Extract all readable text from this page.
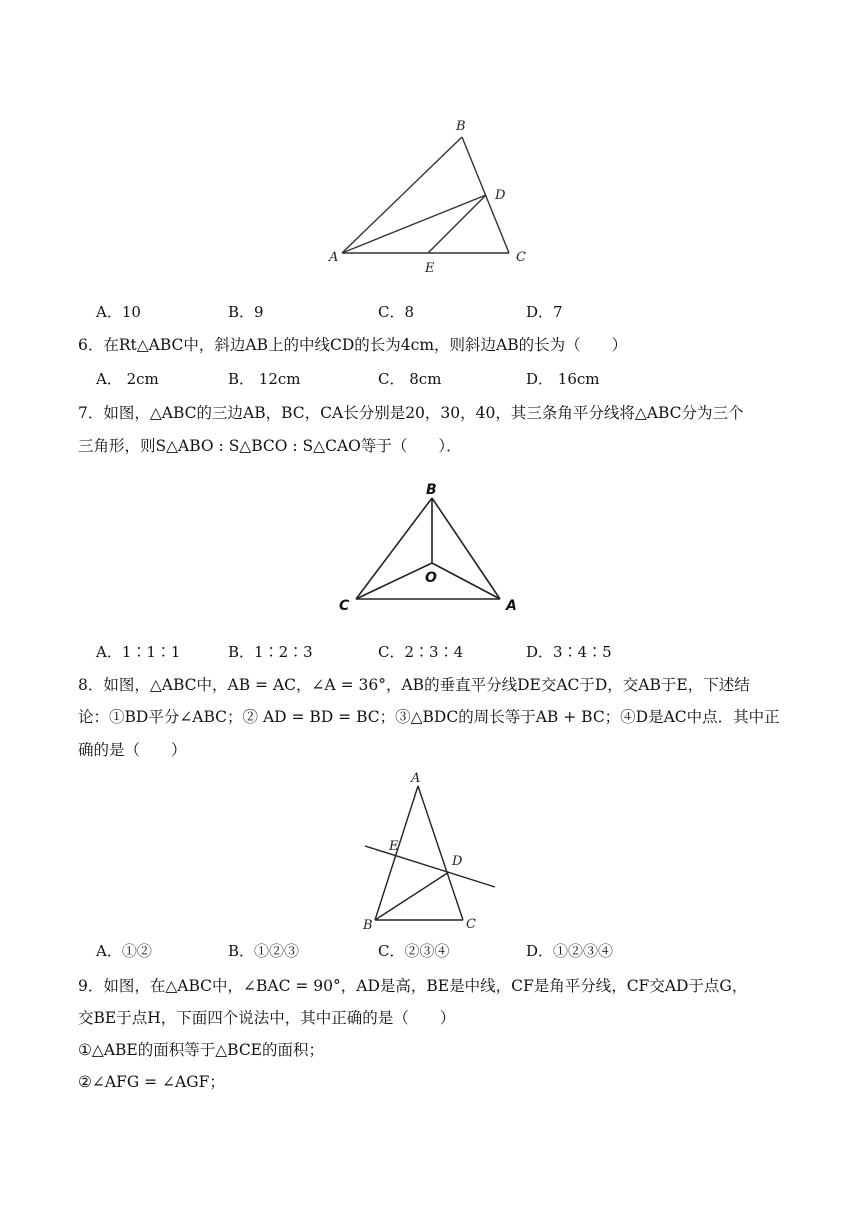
B
D
A
E
C
A．10	B．9	C．8	D．7
6．在Rt△ABC中，斜边AB上的中线CD的长为4cm，则斜边AB的长为（　　）
A． 2cm	B． 12cm	C． 8cm	D． 16cm
7．如图，△ABC的三边AB，BC，CA长分别是20，30，40，其三条角平分线将△ABC分为三个
三角形，则S△ABO : S△BCO : S△CAO等于（　　）．
B
O
C	A
A．1∶1∶1	B．1∶2∶3	C．2∶3∶4	D．3∶4∶5
8．如图，△ABC中，AB = AC，∠A = 36°，AB的垂直平分线DE交AC于D，交AB于E，下述结
论：①BD平分∠ABC；② AD = BD = BC；③△BDC的周长等于AB + BC；④D是AC中点．其中正
确的是（　　）
A
E
D
B	C
A．①②	B．①②③	C．②③④	D．①②③④
9．如图，在△ABC中，∠BAC = 90°，AD是高，BE是中线，CF是角平分线，CF交AD于点G，
交BE于点H，下面四个说法中，其中正确的是（　　）
①△ABE的面积等于△BCE的面积；
②∠AFG = ∠AGF；
